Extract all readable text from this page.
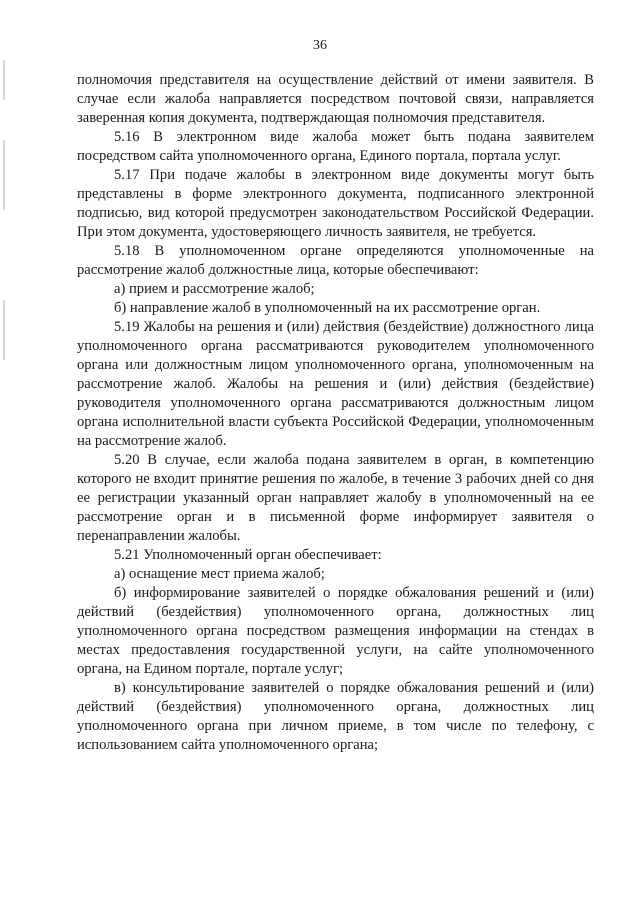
36

полномочия представителя на осуществление действий от имени заявителя. В случае если жалоба направляется посредством почтовой связи, направляется заверенная копия документа, подтверждающая полномочия представителя.

5.16 В электронном виде жалоба может быть подана заявителем посредством сайта уполномоченного органа, Единого портала, портала услуг.

5.17 При подаче жалобы в электронном виде документы могут быть представлены в форме электронного документа, подписанного электронной подписью, вид которой предусмотрен законодательством Российской Федерации. При этом документа, удостоверяющего личность заявителя, не требуется.

5.18 В уполномоченном органе определяются уполномоченные на рассмотрение жалоб должностные лица, которые обеспечивают:

а) прием и рассмотрение жалоб;

б) направление жалоб в уполномоченный на их рассмотрение орган.

5.19 Жалобы на решения и (или) действия (бездействие) должностного лица уполномоченного органа рассматриваются руководителем уполномоченного органа или должностным лицом уполномоченного органа, уполномоченным на рассмотрение жалоб. Жалобы на решения и (или) действия (бездействие) руководителя уполномоченного органа рассматриваются должностным лицом органа исполнительной власти субъекта Российской Федерации, уполномоченным на рассмотрение жалоб.

5.20 В случае, если жалоба подана заявителем в орган, в компетенцию которого не входит принятие решения по жалобе, в течение 3 рабочих дней со дня ее регистрации указанный орган направляет жалобу в уполномоченный на ее рассмотрение орган и в письменной форме информирует заявителя о перенаправлении жалобы.

5.21 Уполномоченный орган обеспечивает:

а) оснащение мест приема жалоб;

б) информирование заявителей о порядке обжалования решений и (или) действий (бездействия) уполномоченного органа, должностных лиц уполномоченного органа посредством размещения информации на стендах в местах предоставления государственной услуги, на сайте уполномоченного органа, на Едином портале, портале услуг;

в) консультирование заявителей о порядке обжалования решений и (или) действий (бездействия) уполномоченного органа, должностных лиц уполномоченного органа при личном приеме, в том числе по телефону, с использованием сайта уполномоченного органа;
